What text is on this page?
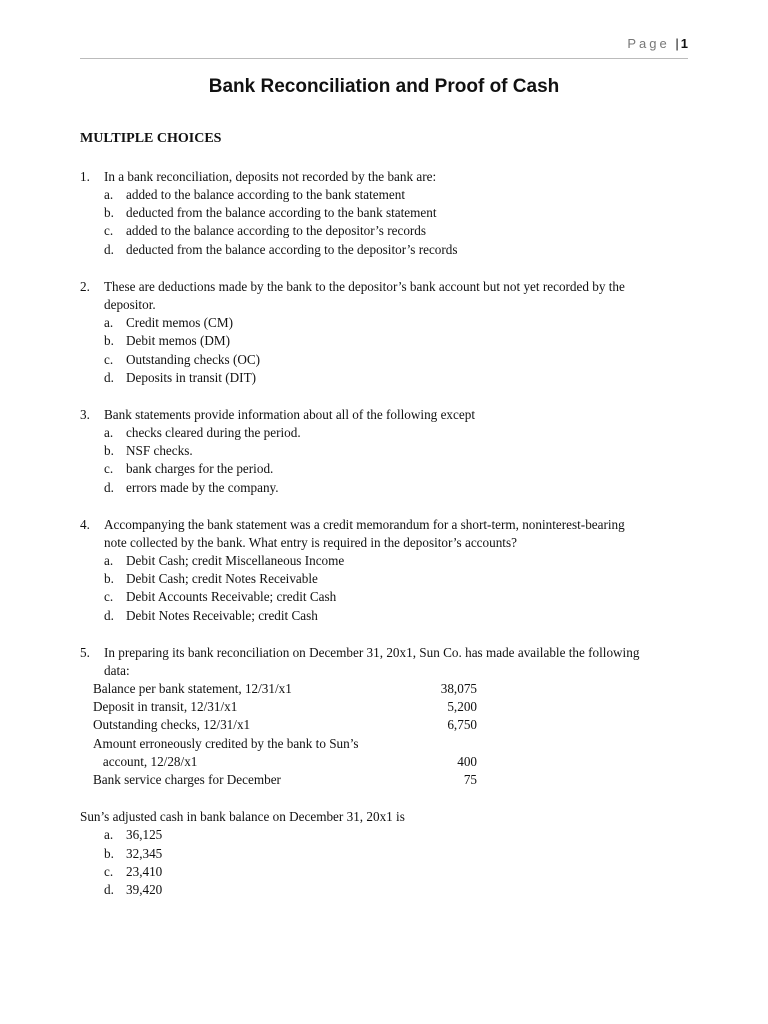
Page | 1
Bank Reconciliation and Proof of Cash
MULTIPLE CHOICES
1. In a bank reconciliation, deposits not recorded by the bank are:
a. added to the balance according to the bank statement
b. deducted from the balance according to the bank statement
c. added to the balance according to the depositor’s records
d. deducted from the balance according to the depositor’s records
2. These are deductions made by the bank to the depositor’s bank account but not yet recorded by the
depositor.
a. Credit memos (CM)
b. Debit memos (DM)
c. Outstanding checks (OC)
d. Deposits in transit (DIT)
3. Bank statements provide information about all of the following except
a. checks cleared during the period.
b. NSF checks.
c. bank charges for the period.
d. errors made by the company.
4. Accompanying the bank statement was a credit memorandum for a short-term, noninterest-bearing
note collected by the bank. What entry is required in the depositor’s accounts?
a. Debit Cash; credit Miscellaneous Income
b. Debit Cash; credit Notes Receivable
c. Debit Accounts Receivable; credit Cash
d. Debit Notes Receivable; credit Cash
5. In preparing its bank reconciliation on December 31, 20x1, Sun Co. has made available the following
data:
Balance per bank statement, 12/31/x1	38,075
Deposit in transit, 12/31/x1	5,200
Outstanding checks, 12/31/x1	6,750
Amount erroneously credited by the bank to Sun’s
account, 12/28/x1	400
Bank service charges for December	75
Sun’s adjusted cash in bank balance on December 31, 20x1 is
a. 36,125
b. 32,345
c. 23,410
d. 39,420
